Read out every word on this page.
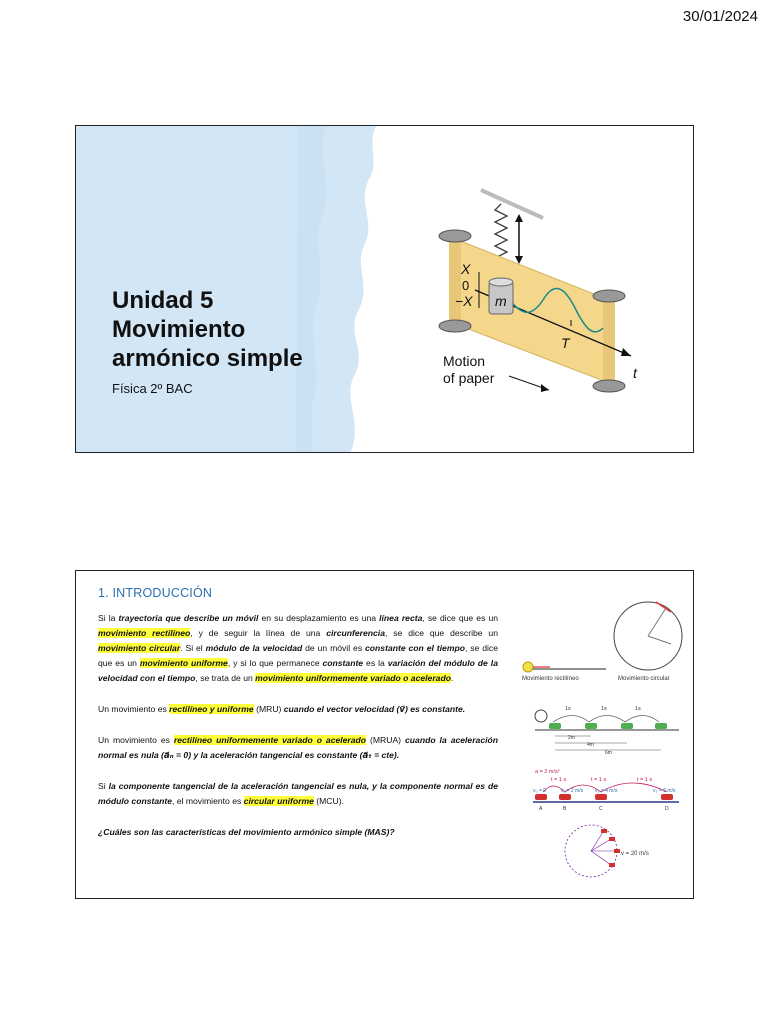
30/01/2024
Unidad 5
Movimiento
armónico simple
Física 2º BAC
X
0
−X m
T
t
Motion
of paper
1. INTRODUCCIÓN

Si la trayectoria que describe un móvil en su desplazamiento es una línea recta, se dice que es un movimiento rectilíneo, y de seguir la línea de una circunferencia, se dice que describe un movimiento circular. Si el módulo de la velocidad de un móvil es constante con el tiempo, se dice que es un movimiento uniforme, y si lo que permanece constante es la variación del módulo de la velocidad con el tiempo, se trata de un movimiento uniformemente variado o acelerado.

Un movimiento es rectilíneo y uniforme (MRU) cuando el vector velocidad (v⃗) es constante.

Un movimiento es rectilíneo uniformemente variado o acelerado (MRUA) cuando la aceleración normal es nula (a⃗ₙ = 0) y la aceleración tangencial es constante (a⃗ₜ = cte).

Si la componente tangencial de la aceleración tangencial es nula, y la componente normal es de módulo constante, el movimiento es circular uniforme (MCU).

¿Cuáles son las características del movimiento armónico simple (MAS)?

Movimiento rectilíneo	Movimiento circular
1s	1s	1s
2m
4m
6m
a = 2 m/s²
t = 1 s	t = 1 s	t = 1 s
v₀ = 0	v₁ = 2 m/s v₂ = 4 m/s	v₃ = 6 m/s
A	B	C	D
v = 20 m/s
